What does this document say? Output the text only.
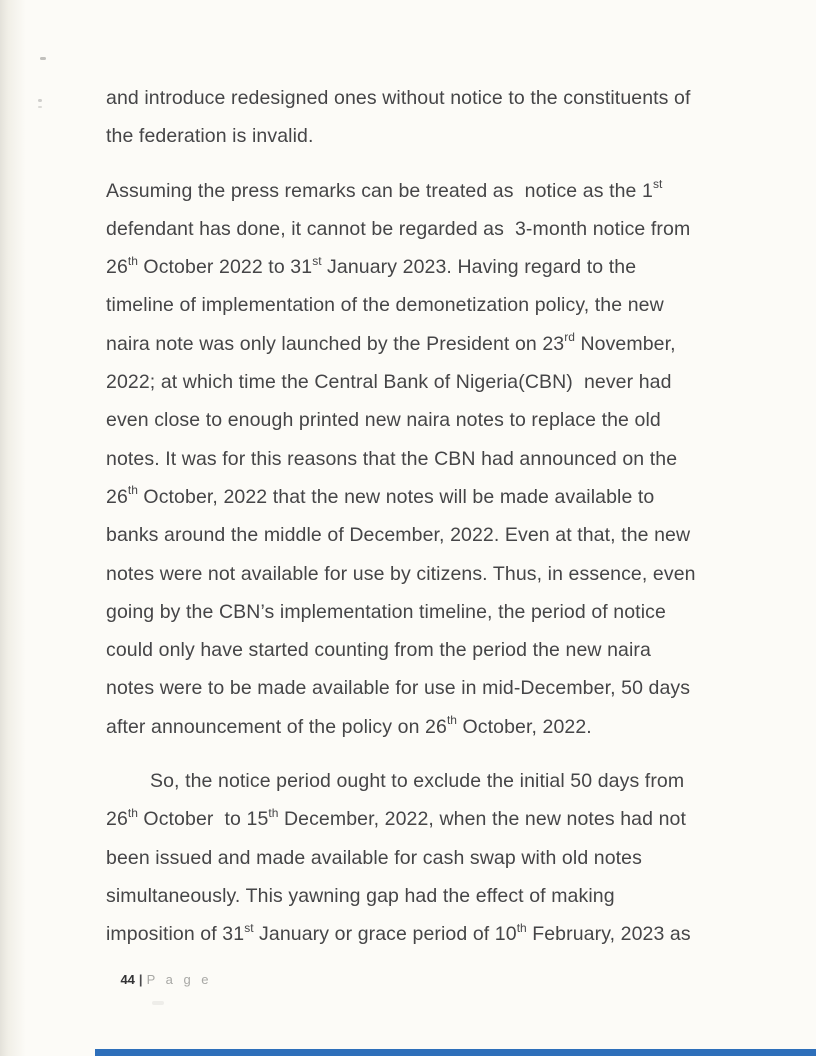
and introduce redesigned ones without notice to the constituents of
the federation is invalid.
Assuming the press remarks can be treated as  notice as the 1st
defendant has done, it cannot be regarded as  3-month notice from
26th October 2022 to 31st January 2023. Having regard to the
timeline of implementation of the demonetization policy, the new
naira note was only launched by the President on 23rd November,
2022; at which time the Central Bank of Nigeria(CBN)  never had
even close to enough printed new naira notes to replace the old
notes. It was for this reasons that the CBN had announced on the
26th October, 2022 that the new notes will be made available to
banks around the middle of December, 2022. Even at that, the new
notes were not available for use by citizens. Thus, in essence, even
going by the CBN’s implementation timeline, the period of notice
could only have started counting from the period the new naira
notes were to be made available for use in mid-December, 50 days
after announcement of the policy on 26th October, 2022.
So, the notice period ought to exclude the initial 50 days from
26th October  to 15th December, 2022, when the new notes had not
been issued and made available for cash swap with old notes
simultaneously. This yawning gap had the effect of making
imposition of 31st January or grace period of 10th February, 2023 as

44 | P a g e
